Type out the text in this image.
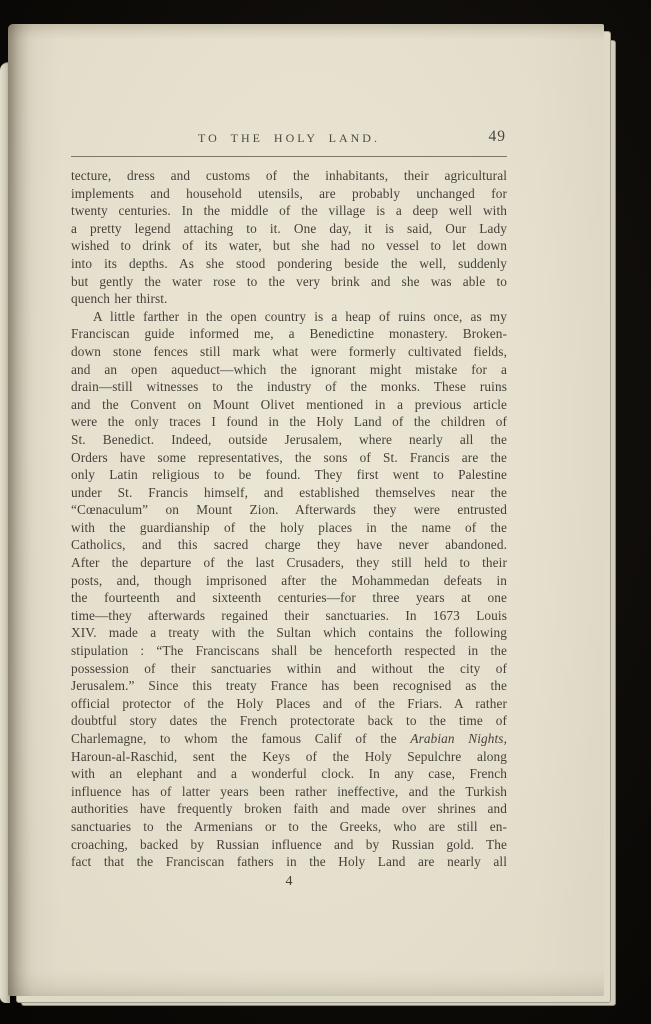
TO THE HOLY LAND.	49
tecture, dress and customs of the inhabitants, their agricultural
implements and household utensils, are probably unchanged for
twenty centuries. In the middle of the village is a deep well with
a pretty legend attaching to it. One day, it is said, Our Lady
wished to drink of its water, but she had no vessel to let down
into its depths. As she stood pondering beside the well, suddenly
but gently the water rose to the very brink and she was able to
quench her thirst.
A little farther in the open country is a heap of ruins once, as my
Franciscan guide informed me, a Benedictine monastery. Broken-
down stone fences still mark what were formerly cultivated fields,
and an open aqueduct—which the ignorant might mistake for a
drain—still witnesses to the industry of the monks. These ruins
and the Convent on Mount Olivet mentioned in a previous article
were the only traces I found in the Holy Land of the children of
St. Benedict. Indeed, outside Jerusalem, where nearly all the
Orders have some representatives, the sons of St. Francis are the
only Latin religious to be found. They first went to Palestine
under St. Francis himself, and established themselves near the
“Cœnaculum” on Mount Zion. Afterwards they were entrusted
with the guardianship of the holy places in the name of the
Catholics, and this sacred charge they have never abandoned.
After the departure of the last Crusaders, they still held to their
posts, and, though imprisoned after the Mohammedan defeats in
the fourteenth and sixteenth centuries—for three years at one
time—they afterwards regained their sanctuaries. In 1673 Louis
XIV. made a treaty with the Sultan which contains the following
stipulation : “The Franciscans shall be henceforth respected in the
possession of their sanctuaries within and without the city of
Jerusalem.” Since this treaty France has been recognised as the
official protector of the Holy Places and of the Friars. A rather
doubtful story dates the French protectorate back to the time of
Charlemagne, to whom the famous Calif of the Arabian Nights,
Haroun-al-Raschid, sent the Keys of the Holy Sepulchre along
with an elephant and a wonderful clock. In any case, French
influence has of latter years been rather ineffective, and the Turkish
authorities have frequently broken faith and made over shrines and
sanctuaries to the Armenians or to the Greeks, who are still en-
croaching, backed by Russian influence and by Russian gold. The
fact that the Franciscan fathers in the Holy Land are nearly all
4
